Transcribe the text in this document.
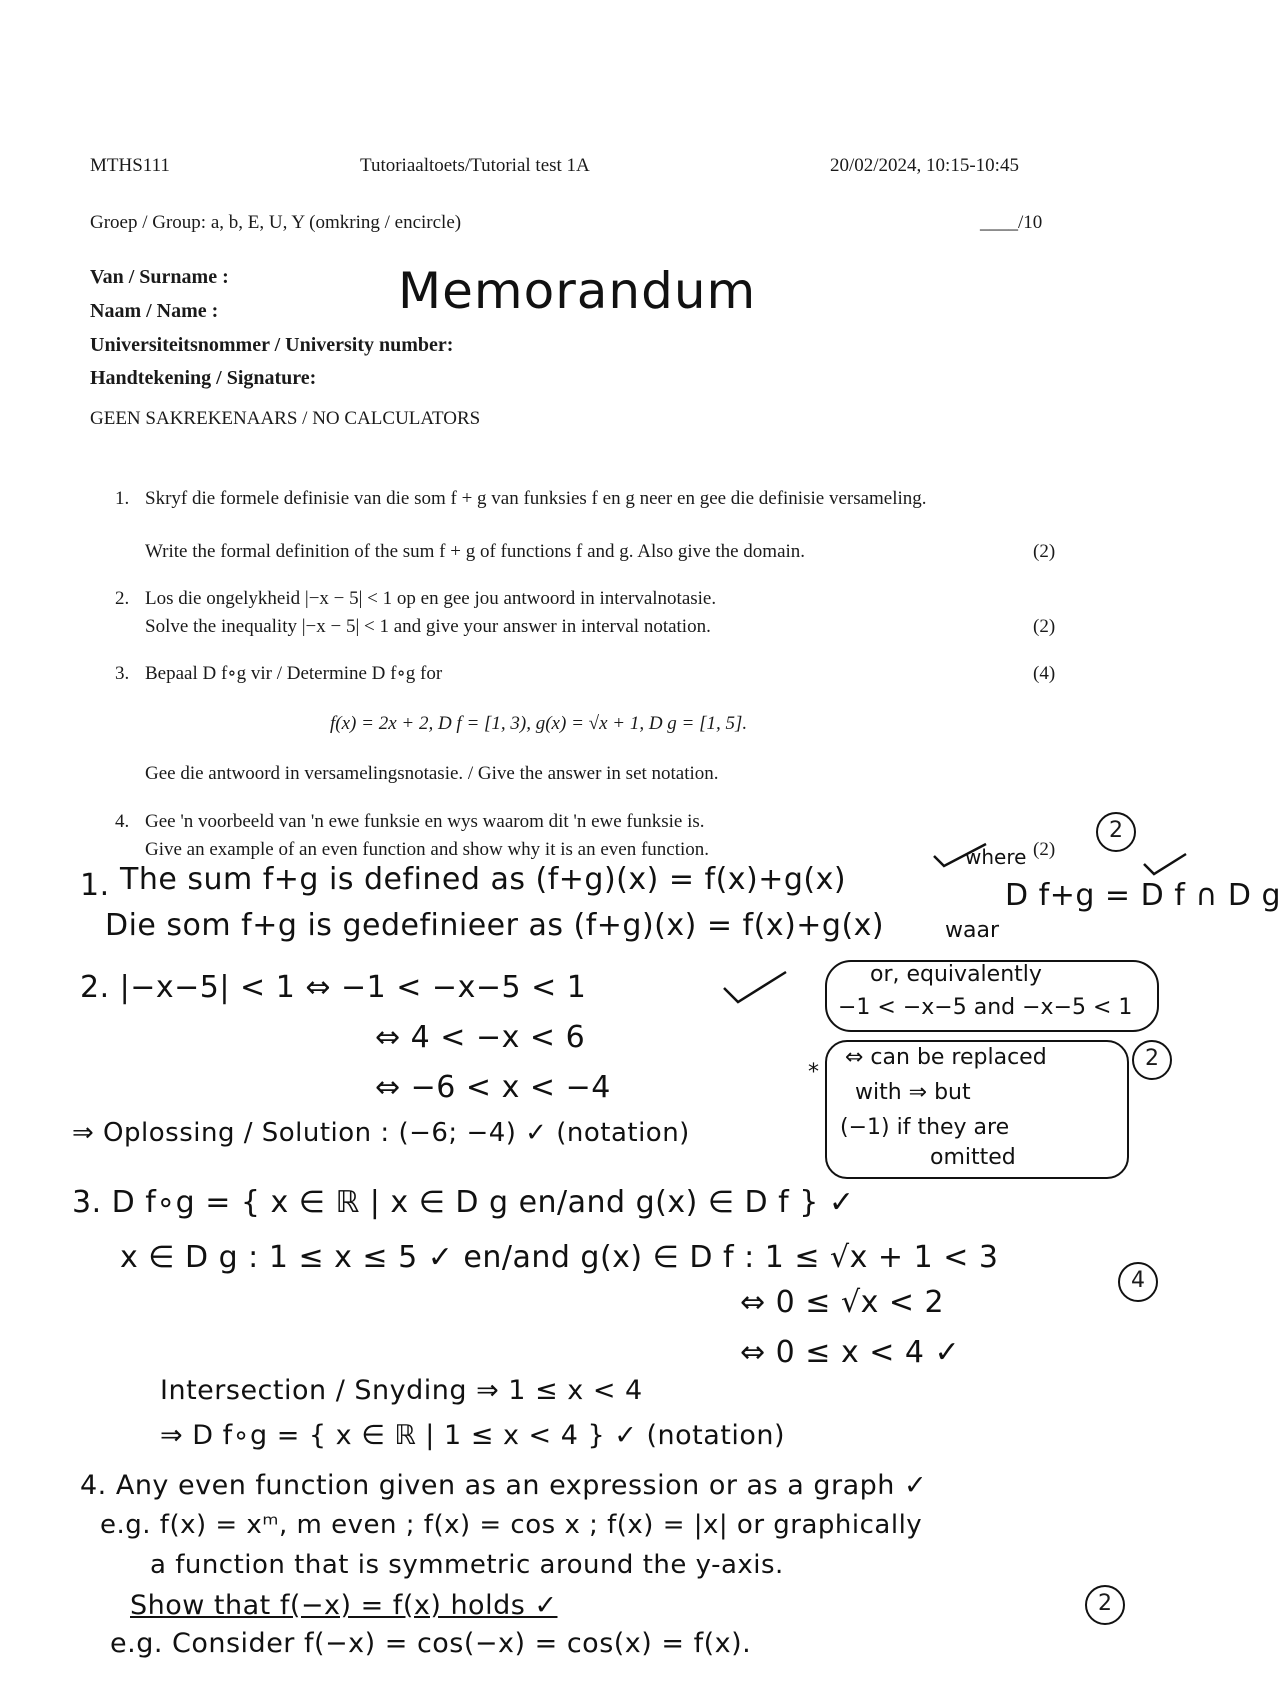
MTHS111	Tutoriaaltoets/Tutorial test 1A	20/02/2024, 10:15-10:45
Groep / Group: a, b, E, U, Y (omkring / encircle)	____/10
Van / Surname :
Naam / Name :
Universiteitsnommer / University number:
Handtekening / Signature:
Memorandum
GEEN SAKREKENAARS / NO CALCULATORS
1. Skryf die formele definisie van die som f + g van funksies f en g neer en gee die definisie versameling.
Write the formal definition of the sum f + g of functions f and g. Also give the domain.	(2)
2. Los die ongelykheid |−x − 5| < 1 op en gee jou antwoord in intervalnotasie.
Solve the inequality |−x − 5| < 1 and give your answer in interval notation.	(2)
3. Bepaal D f∘g vir / Determine D f∘g for	(4)
f(x) = 2x + 2, D f = [1, 3), g(x) = √x + 1, D g = [1, 5].
Gee die antwoord in versamelingsnotasie. / Give the answer in set notation.
4. Gee 'n voorbeeld van 'n ewe funksie en wys waarom dit 'n ewe funksie is.
Give an example of an even function and show why it is an even function.	(2)
2
where
1. The sum f+g is defined as (f+g)(x) = f(x)+g(x)
Die som f+g is gedefinieer as (f+g)(x) = f(x)+g(x)
D f+g = D f ∩ D g
waar
2. |−x−5| < 1 ⇔ −1 < −x−5 < 1
⇔ 4 < −x < 6
⇔ −6 < x < −4
⇒ Oplossing / Solution : (−6; −4) ✓ (notation)
or, equivalently
−1 < −x−5 and −x−5 < 1
2
*
⇔ can be replaced
with ⇒ but
(−1) if they are
omitted
3. D f∘g = { x ∈ ℝ | x ∈ D g en/and g(x) ∈ D f } ✓
x ∈ D g : 1 ≤ x ≤ 5 ✓ en/and g(x) ∈ D f : 1 ≤ √x + 1 < 3
4
⇔ 0 ≤ √x < 2
⇔ 0 ≤ x < 4 ✓
Intersection / Snyding ⇒ 1 ≤ x < 4
⇒ D f∘g = { x ∈ ℝ | 1 ≤ x < 4 } ✓ (notation)
4. Any even function given as an expression or as a graph ✓
e.g. f(x) = xᵐ, m even ; f(x) = cos x ; f(x) = |x| or graphically
a function that is symmetric around the y-axis.
Show that f(−x) = f(x) holds ✓	2
e.g. Consider f(−x) = cos(−x) = cos(x) = f(x).
